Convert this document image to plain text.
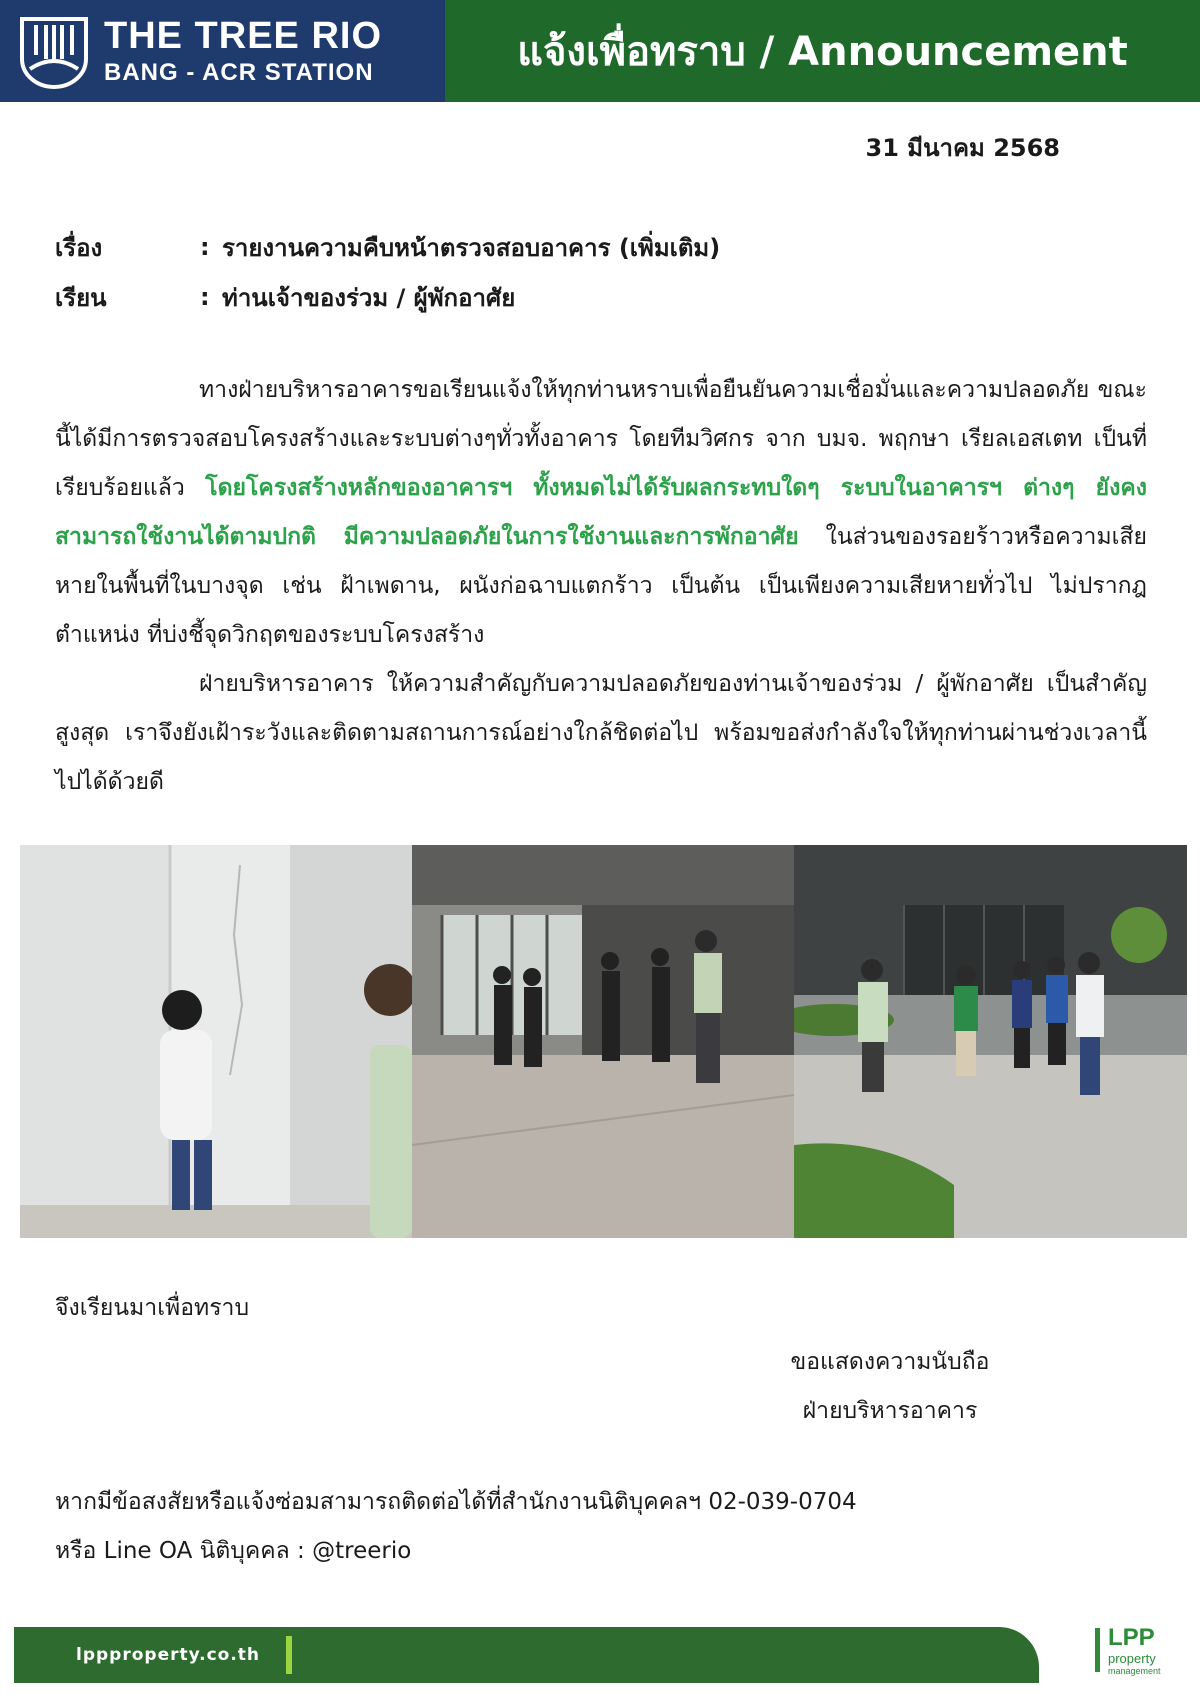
THE TREE RIO
BANG - ACR STATION	แจ้งเพื่อทราบ / Announcement
31 มีนาคม 2568
เรื่อง	: รายงานความคืบหน้าตรวจสอบอาคาร (เพิ่มเติม)
เรียน	: ท่านเจ้าของร่วม / ผู้พักอาศัย

ทางฝ่ายบริหารอาคารขอเรียนแจ้งให้ทุกท่านหราบเพื่อยืนยันความเชื่อมั่นและความปลอดภัย ขณะนี้ได้มีการตรวจสอบโครงสร้างและระบบต่างๆทั่วทั้งอาคาร โดยทีมวิศกร จาก บมจ. พฤกษา เรียลเอสเตท เป็นที่เรียบร้อยแล้ว โดยโครงสร้างหลักของอาคารฯ ทั้งหมดไม่ได้รับผลกระทบใดๆ ระบบในอาคารฯ ต่างๆ ยังคงสามารถใช้งานได้ตามปกติ มีความปลอดภัยในการใช้งานและการพักอาศัย ในส่วนของรอยร้าวหรือความเสียหายในพื้นที่ในบางจุด เช่น ฝ้าเพดาน, ผนังก่อฉาบแตกร้าว เป็นต้น เป็นเพียงความเสียหายทั่วไป ไม่ปรากฎตำแหน่ง ที่บ่งชี้จุดวิกฤตของระบบโครงสร้าง

ฝ่ายบริหารอาคาร ให้ความสำคัญกับความปลอดภัยของท่านเจ้าของร่วม / ผู้พักอาศัย เป็นสำคัญสูงสุด เราจึงยังเฝ้าระวังและติดตามสถานการณ์อย่างใกล้ชิดต่อไป พร้อมขอส่งกำลังใจให้ทุกท่านผ่านช่วงเวลานี้ไปได้ด้วยดี

จึงเรียนมาเพื่อทราบ
ขอแสดงความนับถือ
ฝ่ายบริหารอาคาร
หากมีข้อสงสัยหรือแจ้งซ่อมสามารถติดต่อได้ที่สำนักงานนิติบุคคลฯ 02-039-0704
หรือ Line OA นิติบุคคล : @treerio
lppproperty.co.th
LPP
property
management
